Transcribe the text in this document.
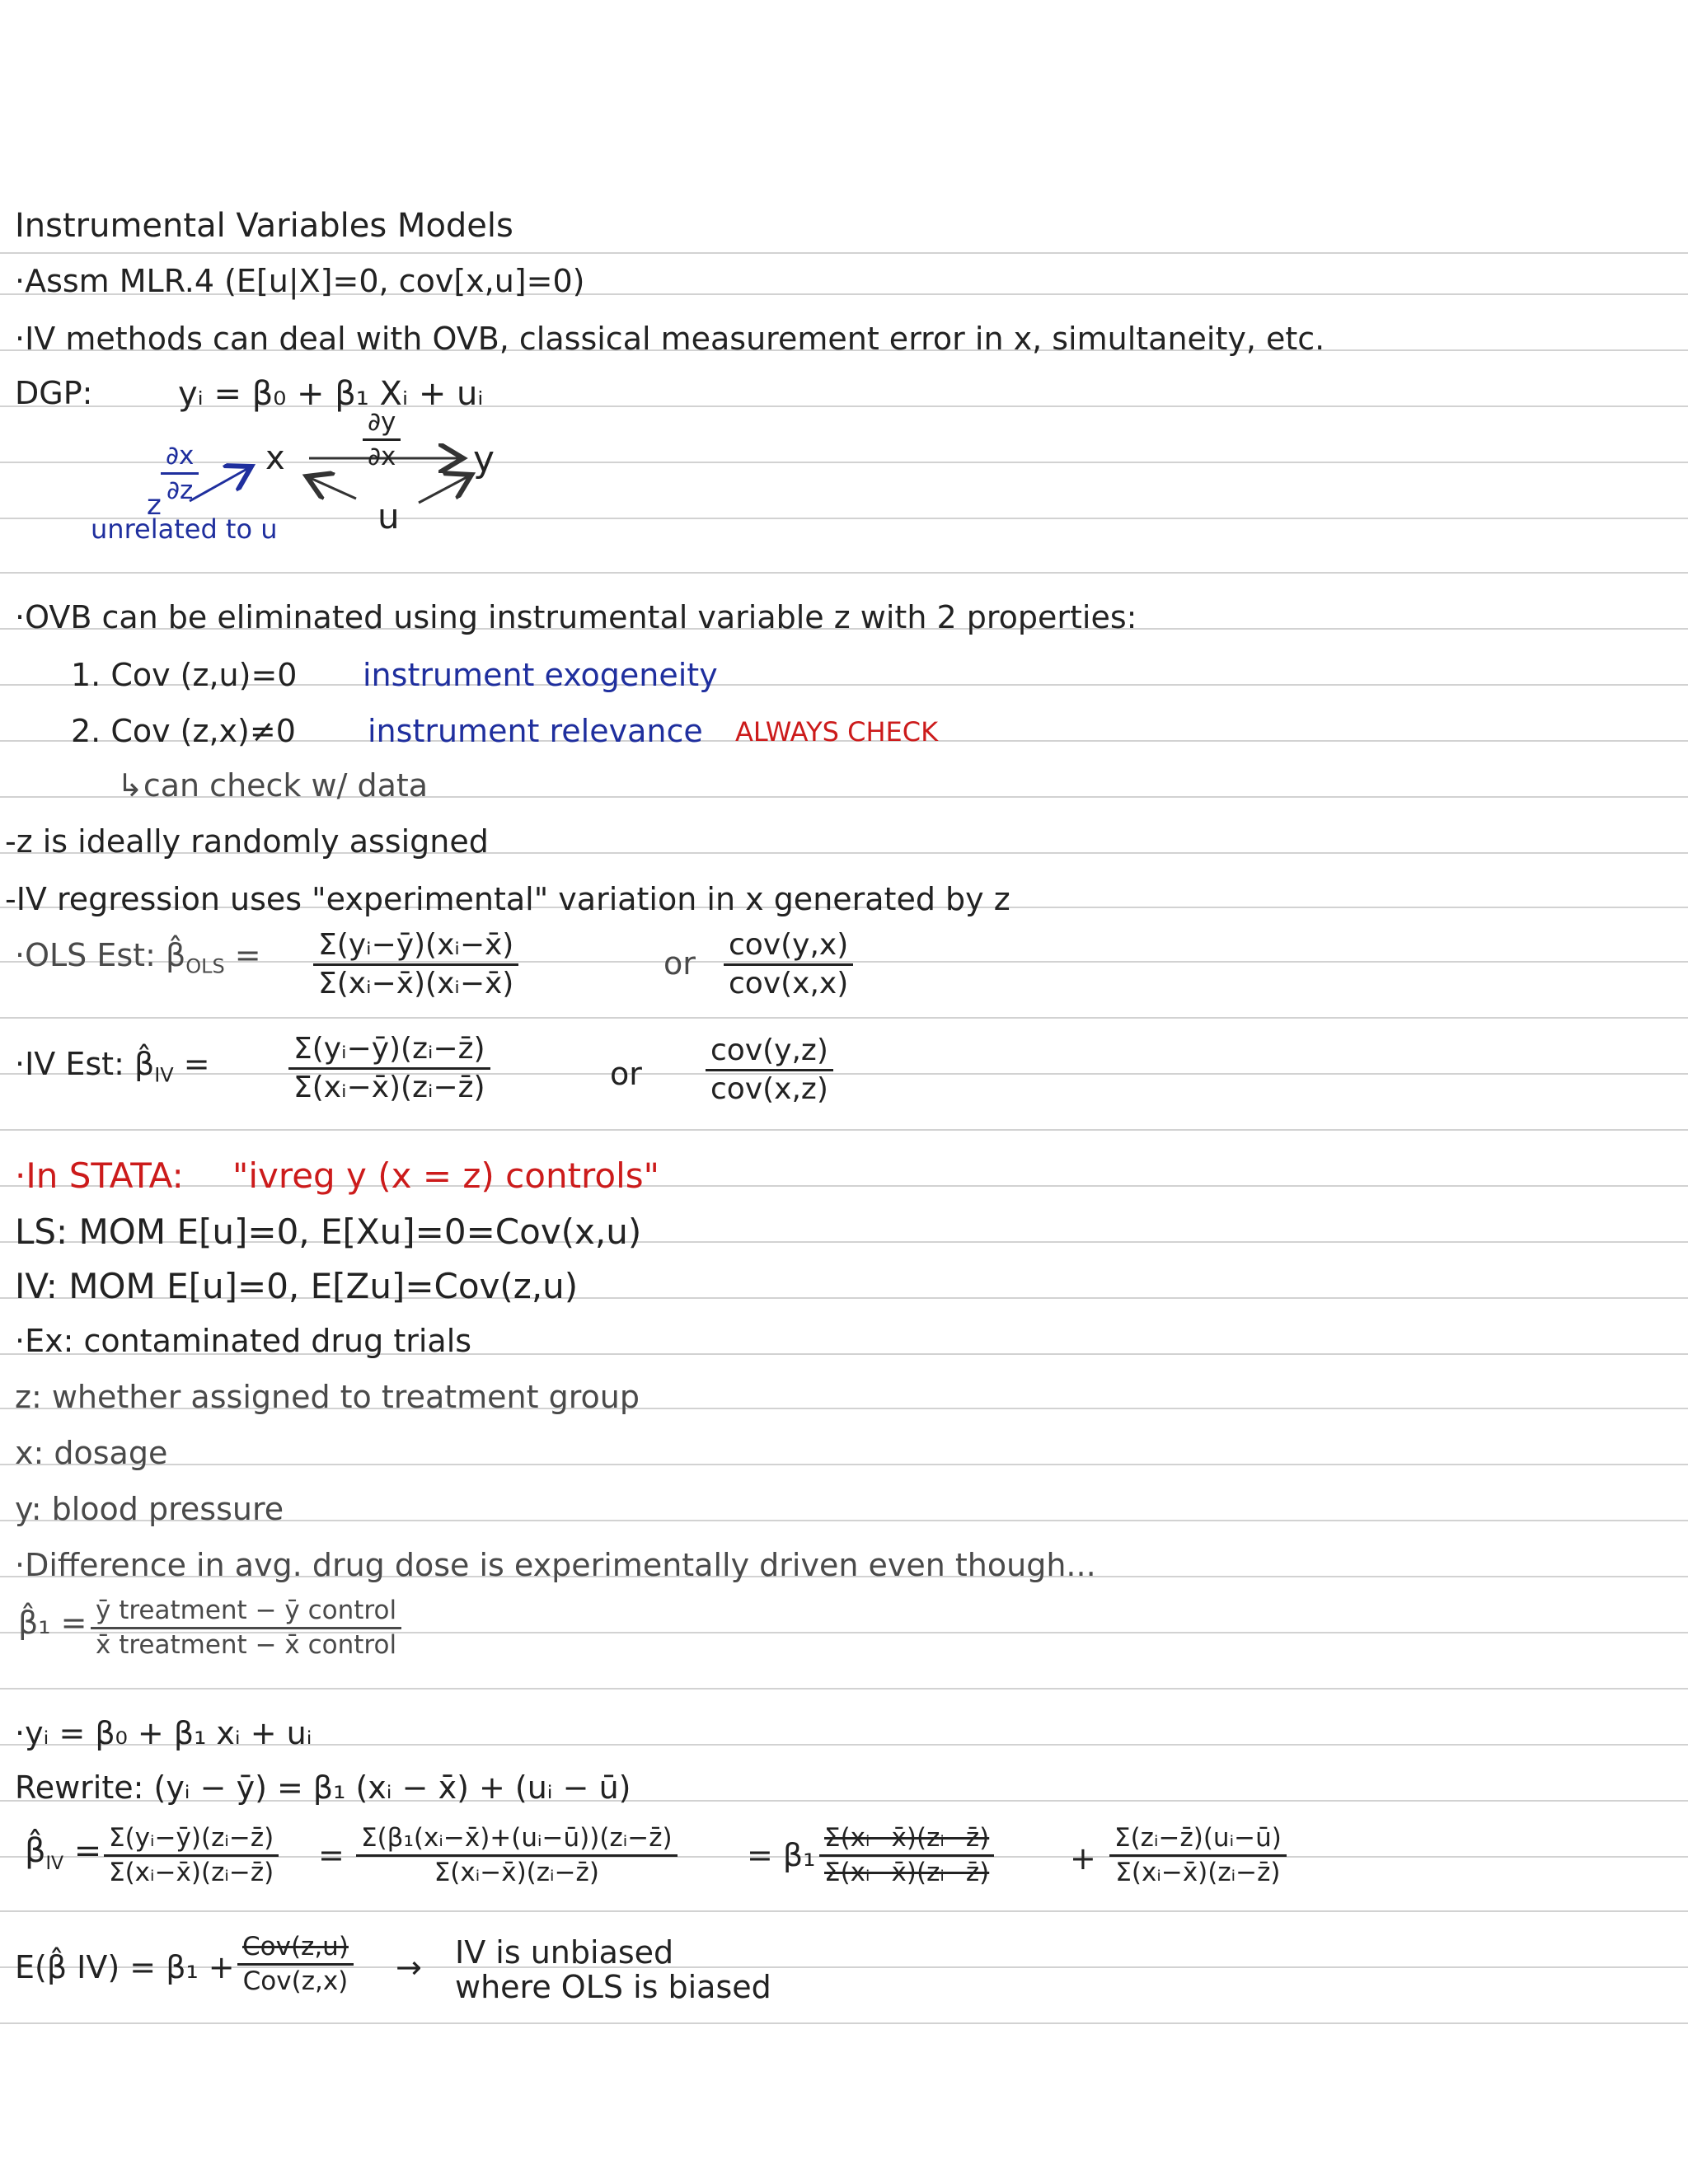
Instrumental Variables Models
·Assm MLR.4 (E[u|X]=0, cov[x,u]=0)
·IV methods can deal with OVB, classical measurement error in x, simultaneity, etc.
DGP:	yᵢ = β₀ + β₁ Xᵢ + uᵢ
∂y
∂x
∂x
∂z
x	y
u
z
unrelated to u
·OVB can be eliminated using instrumental variable z with 2 properties:
1. Cov (z,u)=0 instrument exogeneity
2. Cov (z,x)≠0 instrument relevance ALWAYS CHECK
↳can check w/ data
-z is ideally randomly assigned
-IV regression uses "experimental" variation in x generated by z
·OLS Est: $\betâ_{OLS}$ = Σ(yᵢ−ȳ)(xᵢ−x̄)
Σ(xᵢ−x̄)(xᵢ−x̄)
or
cov(y,x)
cov(x,x)
·IV Est: $\betâ_{IV}$ =	Σ(yᵢ−ȳ)(zᵢ−z̄)
Σ(xᵢ−x̄)(zᵢ−z̄)	or
cov(y,z)
cov(x,z)
·In STATA: "ivreg y (x = z) controls"
LS: MOM E[u]=0, E[Xu]=0=Cov(x,u)
IV: MOM E[u]=0, E[Zu]=Cov(z,u)
·Ex: contaminated drug trials
z: whether assigned to treatment group
x: dosage
y: blood pressure
·Difference in avg. drug dose is experimentally driven even though...
β̂₁ = ȳ treatment − ȳ control
x̄ treatment − x̄ control
·yᵢ = β₀ + β₁ xᵢ + uᵢ
Rewrite: (yᵢ − ȳ) = β₁ (xᵢ − x̄) + (uᵢ − ū)
$\betâ_{IV}$ = Σ(yᵢ−ȳ)(zᵢ−z̄)
Σ(xᵢ−x̄)(zᵢ−z̄) = Σ(β₁(xᵢ−x̄)+(uᵢ−ū))(zᵢ−z̄)
Σ(xᵢ−x̄)(zᵢ−z̄)	= β₁ Σ(xᵢ−x̄)(zᵢ−z̄)
Σ(xᵢ−x̄)(zᵢ−z̄)	+
Σ(zᵢ−z̄)(uᵢ−ū)
Σ(xᵢ−x̄)(zᵢ−z̄)
E(β̂ IV) = β₁ +
Cov(z,u)
Cov(z,x) → IV is unbiased
where OLS is biased
